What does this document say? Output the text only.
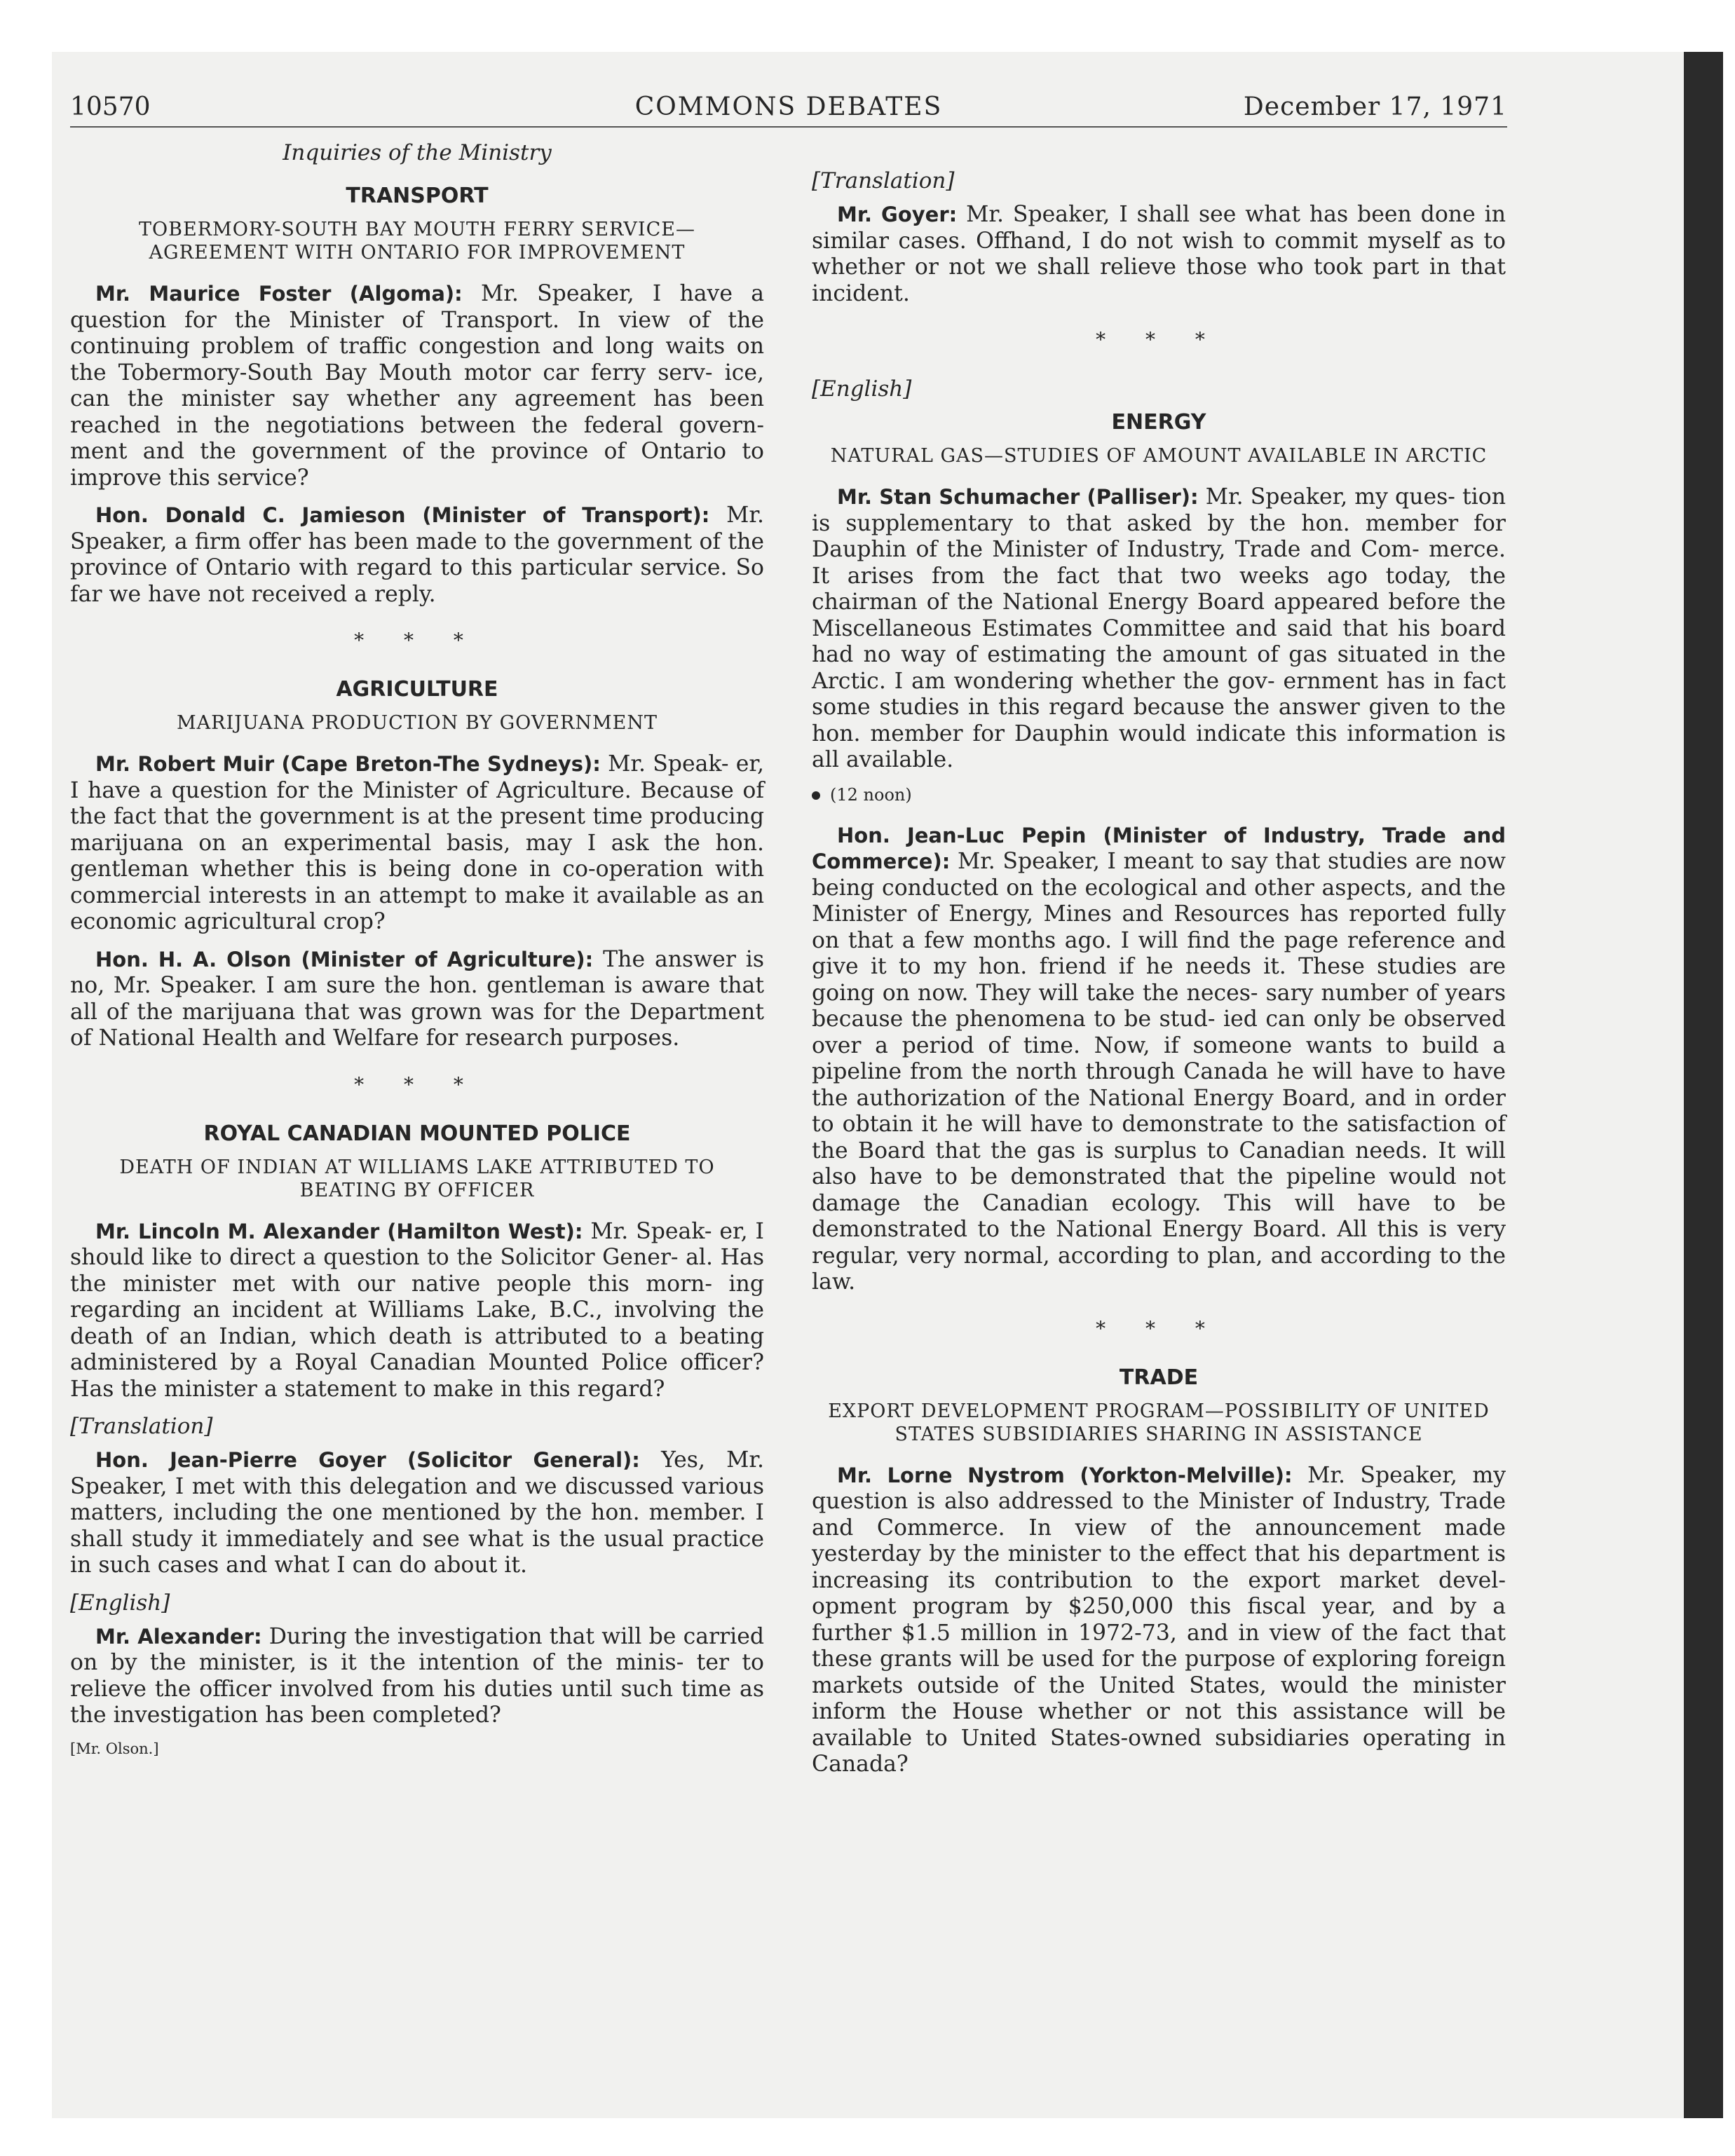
10570	COMMONS DEBATES	December 17, 1971
Inquiries of the Ministry
TRANSPORT
TOBERMORY-SOUTH BAY MOUTH FERRY SERVICE— AGREEMENT WITH ONTARIO FOR IMPROVEMENT

Mr. Maurice Foster (Algoma): Mr. Speaker, I have a question for the Minister of Transport. In view of the continuing problem of traffic congestion and long waits on the Tobermory-South Bay Mouth motor car ferry serv- ice, can the minister say whether any agreement has been reached in the negotiations between the federal govern- ment and the government of the province of Ontario to improve this service?

Hon. Donald C. Jamieson (Minister of Transport): Mr. Speaker, a firm offer has been made to the government of the province of Ontario with regard to this particular service. So far we have not received a reply.

* * *
AGRICULTURE
MARIJUANA PRODUCTION BY GOVERNMENT

Mr. Robert Muir (Cape Breton-The Sydneys): Mr. Speak- er, I have a question for the Minister of Agriculture. Because of the fact that the government is at the present time producing marijuana on an experimental basis, may I ask the hon. gentleman whether this is being done in co-operation with commercial interests in an attempt to make it available as an economic agricultural crop?

Hon. H. A. Olson (Minister of Agriculture): The answer is no, Mr. Speaker. I am sure the hon. gentleman is aware that all of the marijuana that was grown was for the Department of National Health and Welfare for research purposes.

* * *
ROYAL CANADIAN MOUNTED POLICE
DEATH OF INDIAN AT WILLIAMS LAKE ATTRIBUTED TO BEATING BY OFFICER

Mr. Lincoln M. Alexander (Hamilton West): Mr. Speak- er, I should like to direct a question to the Solicitor Gener- al. Has the minister met with our native people this morn- ing regarding an incident at Williams Lake, B.C., involving the death of an Indian, which death is attributed to a beating administered by a Royal Canadian Mounted Police officer? Has the minister a statement to make in this regard?

[Translation]

Hon. Jean-Pierre Goyer (Solicitor General): Yes, Mr. Speaker, I met with this delegation and we discussed various matters, including the one mentioned by the hon. member. I shall study it immediately and see what is the usual practice in such cases and what I can do about it.

[English]

Mr. Alexander: During the investigation that will be carried on by the minister, is it the intention of the minis- ter to relieve the officer involved from his duties until such time as the investigation has been completed?

[Mr. Olson.]
[Translation]

Mr. Goyer: Mr. Speaker, I shall see what has been done in similar cases. Offhand, I do not wish to commit myself as to whether or not we shall relieve those who took part in that incident.

* * *
[English]
ENERGY
NATURAL GAS—STUDIES OF AMOUNT AVAILABLE IN ARCTIC

Mr. Stan Schumacher (Palliser): Mr. Speaker, my ques- tion is supplementary to that asked by the hon. member for Dauphin of the Minister of Industry, Trade and Com- merce. It arises from the fact that two weeks ago today, the chairman of the National Energy Board appeared before the Miscellaneous Estimates Committee and said that his board had no way of estimating the amount of gas situated in the Arctic. I am wondering whether the gov- ernment has in fact some studies in this regard because the answer given to the hon. member for Dauphin would indicate this information is all available.

(12 noon)

Hon. Jean-Luc Pepin (Minister of Industry, Trade and Commerce): Mr. Speaker, I meant to say that studies are now being conducted on the ecological and other aspects, and the Minister of Energy, Mines and Resources has reported fully on that a few months ago. I will find the page reference and give it to my hon. friend if he needs it. These studies are going on now. They will take the neces- sary number of years because the phenomena to be stud- ied can only be observed over a period of time. Now, if someone wants to build a pipeline from the north through Canada he will have to have the authorization of the National Energy Board, and in order to obtain it he will have to demonstrate to the satisfaction of the Board that the gas is surplus to Canadian needs. It will also have to be demonstrated that the pipeline would not damage the Canadian ecology. This will have to be demonstrated to the National Energy Board. All this is very regular, very normal, according to plan, and according to the law.

* * *
TRADE
EXPORT DEVELOPMENT PROGRAM—POSSIBILITY OF UNITED STATES SUBSIDIARIES SHARING IN ASSISTANCE

Mr. Lorne Nystrom (Yorkton-Melville): Mr. Speaker, my question is also addressed to the Minister of Industry, Trade and Commerce. In view of the announcement made yesterday by the minister to the effect that his department is increasing its contribution to the export market devel- opment program by $250,000 this fiscal year, and by a further $1.5 million in 1972-73, and in view of the fact that these grants will be used for the purpose of exploring foreign markets outside of the United States, would the minister inform the House whether or not this assistance will be available to United States-owned subsidiaries operating in Canada?
